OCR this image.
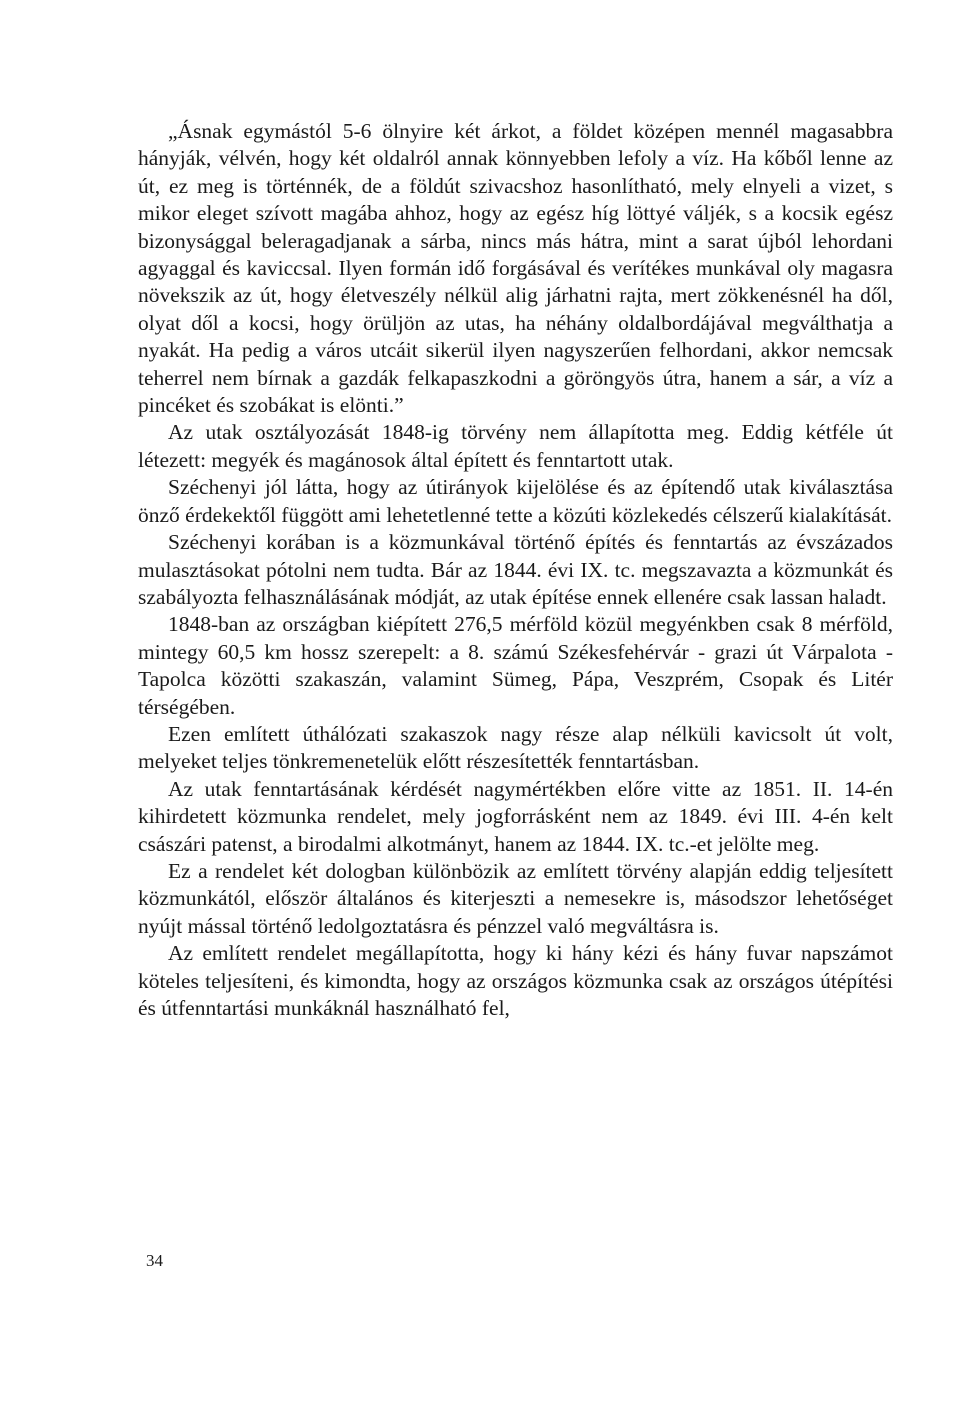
„Ásnak egymástól 5-6 ölnyire két árkot, a földet középen mennél magasabbra hányják, vélvén, hogy két oldalról annak könnyebben lefoly a víz. Ha kőből lenne az út, ez meg is történnék, de a földút szivacshoz hasonlítható, mely elnyeli a vizet, s mikor eleget szívott magába ahhoz, hogy az egész híg löttyé váljék, s a kocsik egész bizonysággal beleragadjanak a sárba, nincs más hátra, mint a sarat újból lehordani agyaggal és kaviccsal. Ilyen formán idő forgásával és verítékes munkával oly magasra növekszik az út, hogy életveszély nélkül alig járhatni rajta, mert zökkenésnél ha dől, olyat dől a kocsi, hogy örüljön az utas, ha néhány oldalbordájával megválthatja a nyakát. Ha pedig a város utcáit sikerül ilyen nagyszerűen felhordani, akkor nemcsak teherrel nem bírnak a gazdák felkapaszkodni a göröngyös útra, hanem a sár, a víz a pincéket és szobákat is elönti.”

Az utak osztályozását 1848-ig törvény nem állapította meg. Eddig kétféle út létezett: megyék és magánosok által épített és fenntartott utak.

Széchenyi jól látta, hogy az útirányok kijelölése és az építendő utak kiválasztása önző érdekektől függött ami lehetetlenné tette a közúti közlekedés célszerű kialakítását.

Széchenyi korában is a közmunkával történő építés és fenntartás az évszázados mulasztásokat pótolni nem tudta. Bár az 1844. évi IX. tc. megszavazta a közmunkát és szabályozta felhasználásának módját, az utak építése ennek ellenére csak lassan haladt.

1848-ban az országban kiépített 276,5 mérföld közül megyénkben csak 8 mérföld, mintegy 60,5 km hossz szerepelt: a 8. számú Székesfehérvár - grazi út Várpalota - Tapolca közötti szakaszán, valamint Sümeg, Pápa, Veszprém, Csopak és Litér térségében.

Ezen említett úthálózati szakaszok nagy része alap nélküli kavicsolt út volt, melyeket teljes tönkremenetelük előtt részesítették fenntartásban.

Az utak fenntartásának kérdését nagymértékben előre vitte az 1851. II. 14-én kihirdetett közmunka rendelet, mely jogforrásként nem az 1849. évi III. 4-én kelt császári patenst, a birodalmi alkotmányt, hanem az 1844. IX. tc.-et jelölte meg.

Ez a rendelet két dologban különbözik az említett törvény alapján eddig teljesített közmunkától, először általános és kiterjeszti a nemesekre is, másodszor lehetőséget nyújt mással történő ledolgoztatásra és pénzzel való megváltásra is.

Az említett rendelet megállapította, hogy ki hány kézi és hány fuvar napszámot köteles teljesíteni, és kimondta, hogy az országos közmunka csak az országos útépítési és útfenntartási munkáknál használható fel,

34
